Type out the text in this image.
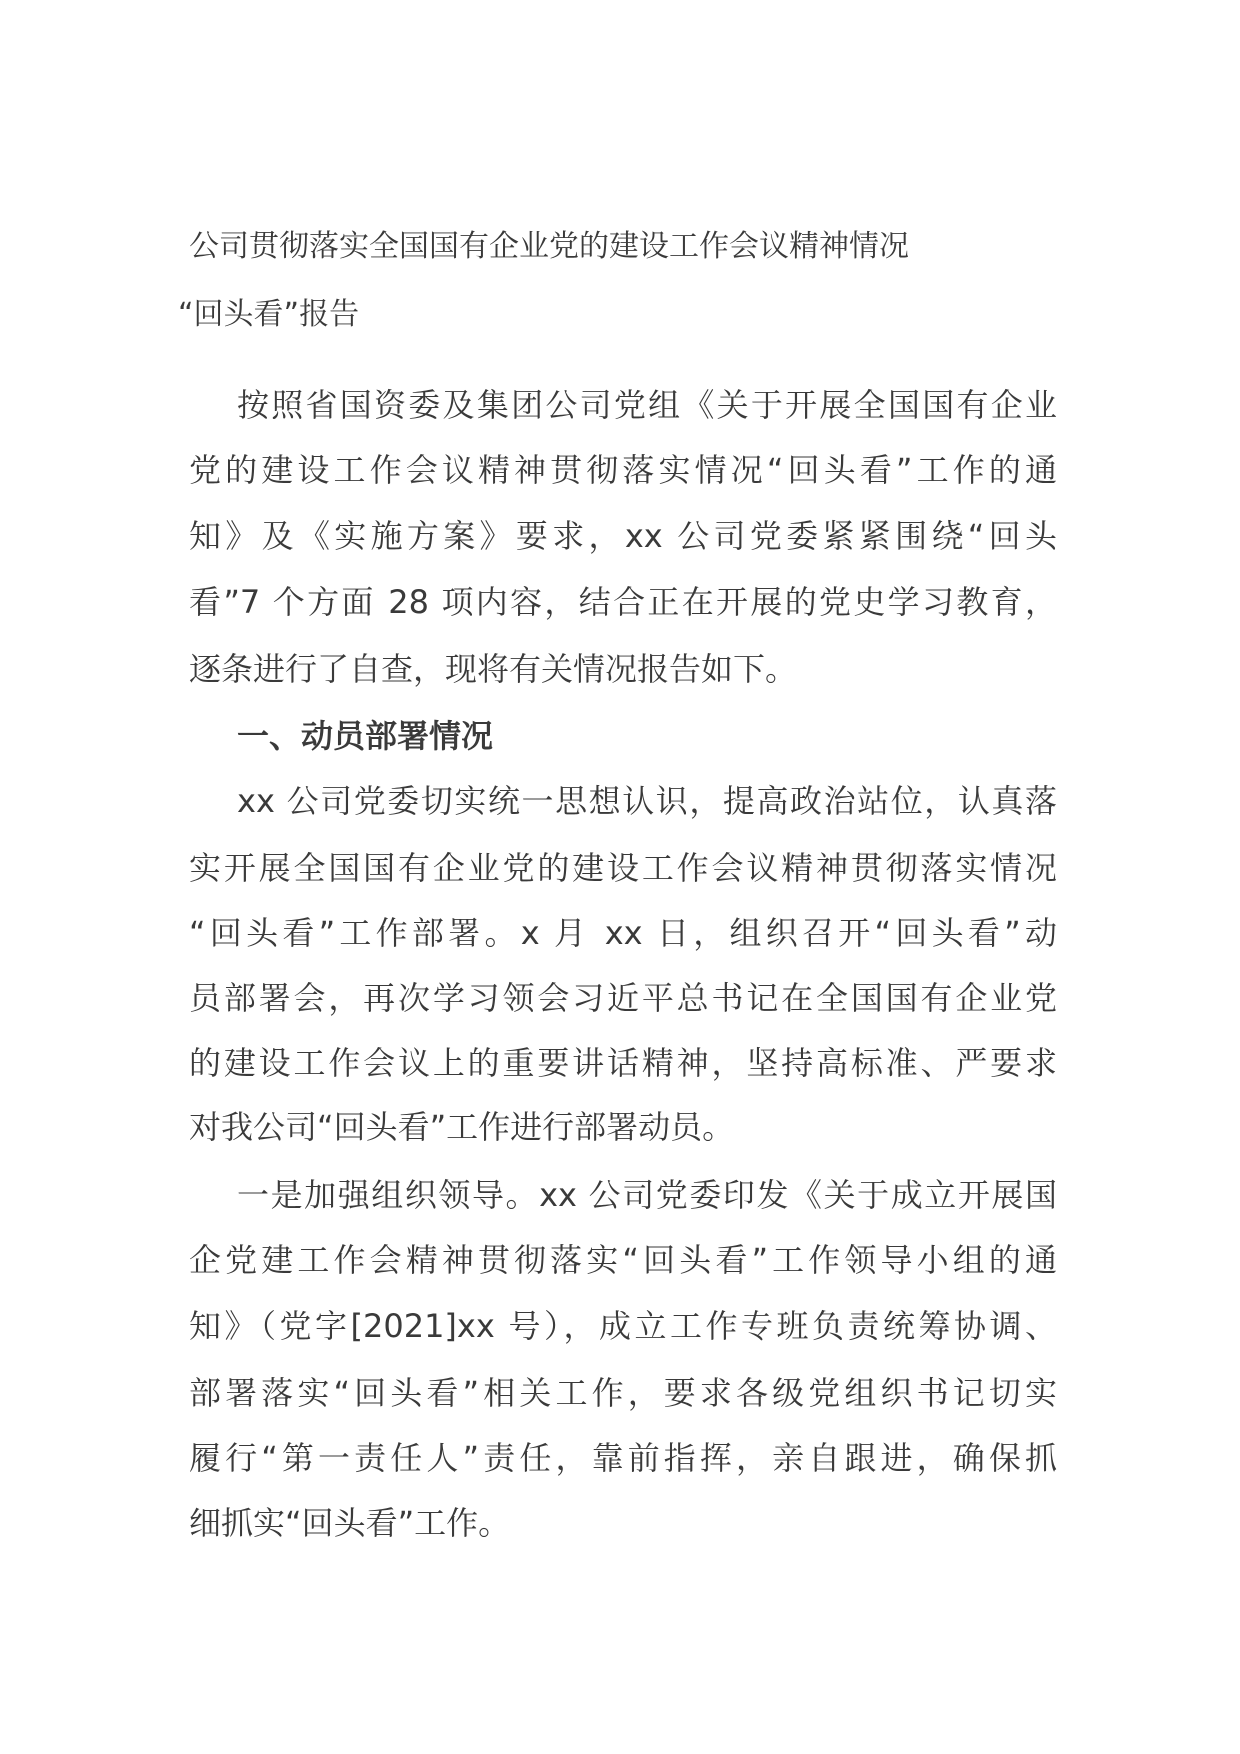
公司贯彻落实全国国有企业党的建设工作会议精神情况
“回头看”报告
按照省国资委及集团公司党组《关于开展全国国有企业
党的建设工作会议精神贯彻落实情况“回头看”工作的通
知》及《实施方案》要求，xx 公司党委紧紧围绕“回头
看”7 个方面 28 项内容，结合正在开展的党史学习教育，
逐条进行了自查，现将有关情况报告如下。
一、动员部署情况
xx 公司党委切实统一思想认识，提高政治站位，认真落
实开展全国国有企业党的建设工作会议精神贯彻落实情况
“回头看”工作部署。x 月 xx 日，组织召开“回头看”动
员部署会，再次学习领会习近平总书记在全国国有企业党
的建设工作会议上的重要讲话精神，坚持高标准、严要求
对我公司“回头看”工作进行部署动员。
一是加强组织领导。xx 公司党委印发《关于成立开展国
企党建工作会精神贯彻落实“回头看”工作领导小组的通
知》（党字[2021]xx 号），成立工作专班负责统筹协调、
部署落实“回头看”相关工作，要求各级党组织书记切实
履行“第一责任人”责任，靠前指挥，亲自跟进，确保抓
细抓实“回头看”工作。
